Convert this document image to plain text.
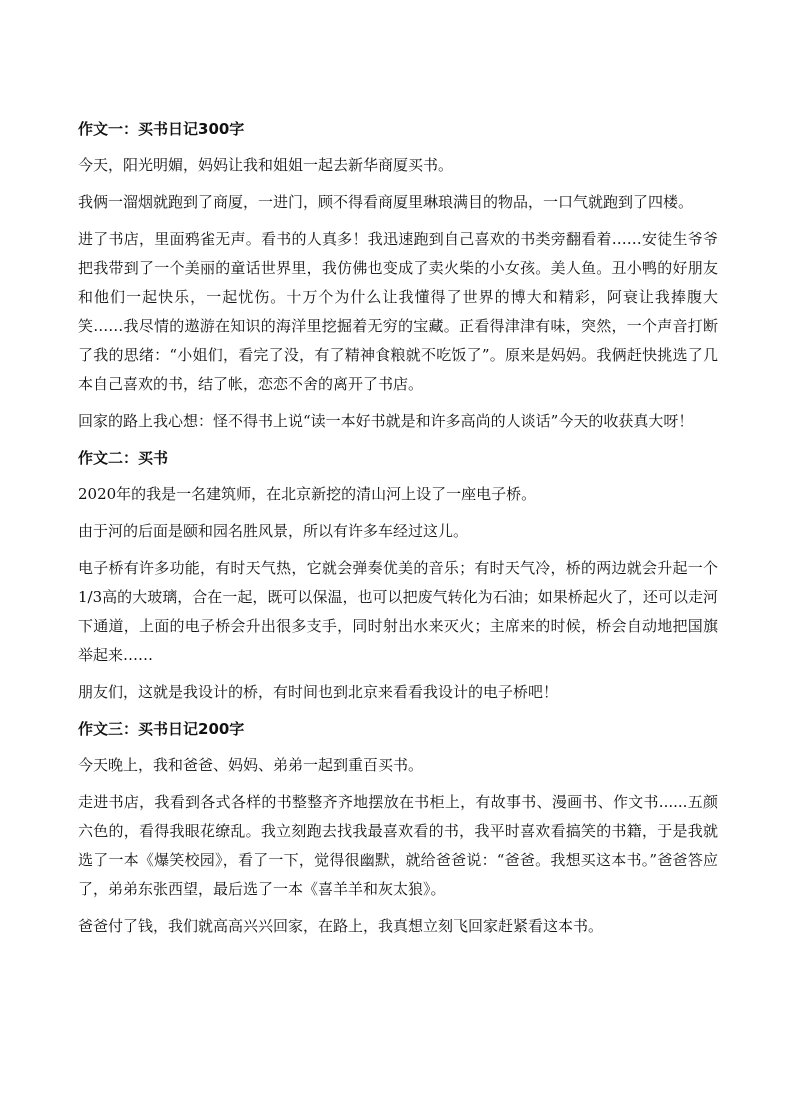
作文一：买书日记300字

今天，阳光明媚，妈妈让我和姐姐一起去新华商厦买书。

我俩一溜烟就跑到了商厦，一进门，顾不得看商厦里琳琅满目的物品，一口气就跑到了四楼。

进了书店，里面鸦雀无声。看书的人真多！我迅速跑到自己喜欢的书类旁翻看着……安徒生爷爷把我带到了一个美丽的童话世界里，我仿佛也变成了卖火柴的小女孩。美人鱼。丑小鸭的好朋友和他们一起快乐，一起忧伤。十万个为什么让我懂得了世界的博大和精彩，阿衰让我捧腹大笑……我尽情的遨游在知识的海洋里挖掘着无穷的宝藏。正看得津津有味，突然，一个声音打断了我的思绪：“小姐们，看完了没，有了精神食粮就不吃饭了”。原来是妈妈。我俩赶快挑选了几本自己喜欢的书，结了帐，恋恋不舍的离开了书店。

回家的路上我心想：怪不得书上说“读一本好书就是和许多高尚的人谈话”今天的收获真大呀！

作文二：买书

2020年的我是一名建筑师，在北京新挖的清山河上设了一座电子桥。

由于河的后面是颐和园名胜风景，所以有许多车经过这儿。

电子桥有许多功能，有时天气热，它就会弹奏优美的音乐；有时天气冷，桥的两边就会升起一个1/3高的大玻璃，合在一起，既可以保温，也可以把废气转化为石油；如果桥起火了，还可以走河下通道，上面的电子桥会升出很多支手，同时射出水来灭火；主席来的时候，桥会自动地把国旗举起来……

朋友们，这就是我设计的桥，有时间也到北京来看看我设计的电子桥吧！

作文三：买书日记200字

今天晚上，我和爸爸、妈妈、弟弟一起到重百买书。

走进书店，我看到各式各样的书整整齐齐地摆放在书柜上，有故事书、漫画书、作文书......五颜六色的，看得我眼花缭乱。我立刻跑去找我最喜欢看的书，我平时喜欢看搞笑的书籍，于是我就选了一本《爆笑校园》，看了一下，觉得很幽默，就给爸爸说：“爸爸。我想买这本书。”爸爸答应了，弟弟东张西望，最后选了一本《喜羊羊和灰太狼》。

爸爸付了钱，我们就高高兴兴回家，在路上，我真想立刻飞回家赶紧看这本书。
